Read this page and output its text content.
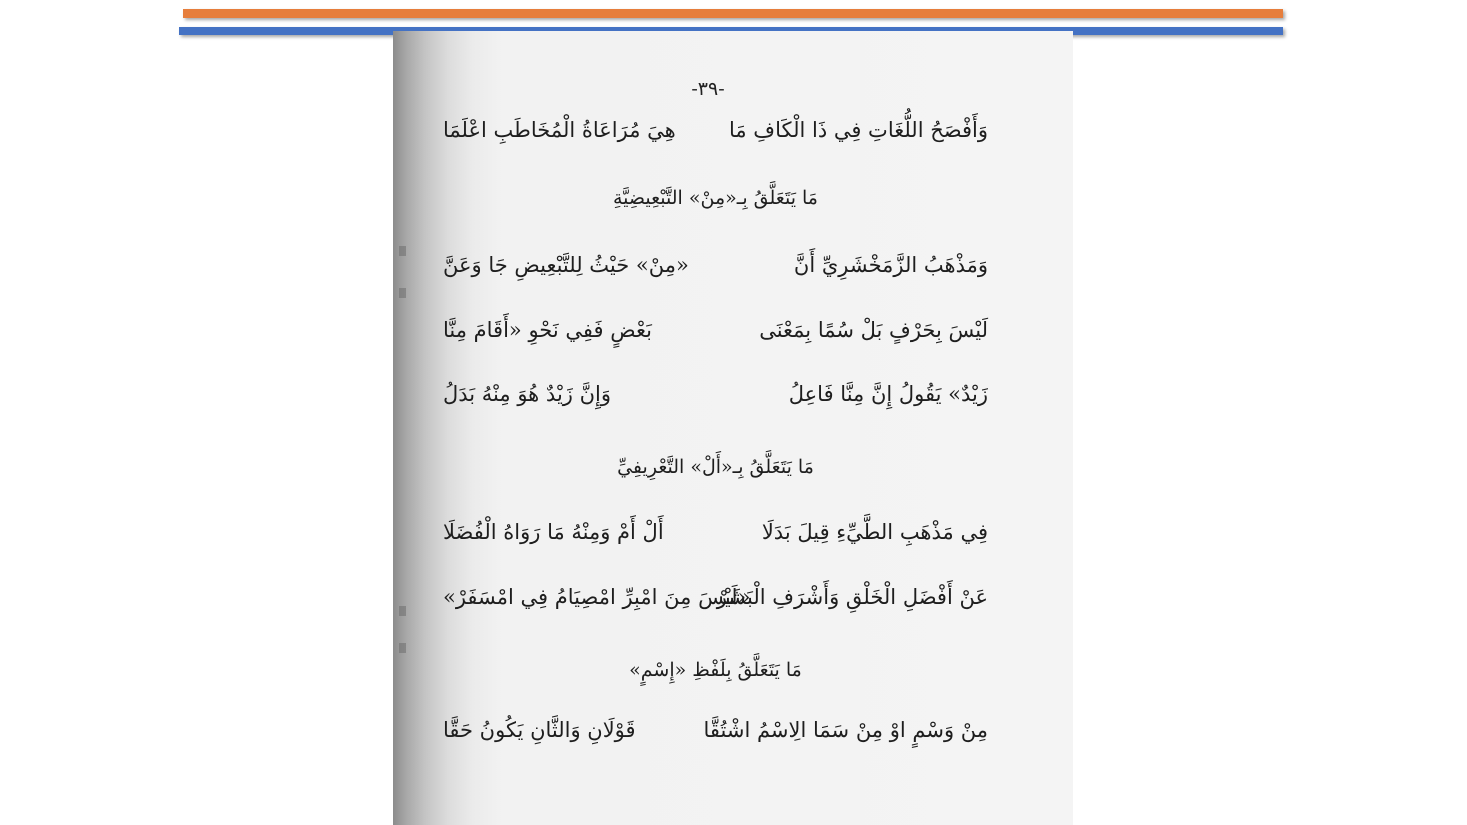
-٣٩-
وَأَفْصَحُ اللُّغَاتِ فِي ذَا الْكَافِ مَا
هِيَ مُرَاعَاةُ الْمُخَاطَبِ اعْلَمَا
مَا يَتَعَلَّقُ بِـ«مِنْ» التَّبْعِيضِيَّةِ
وَمَذْهَبُ الزَّمَخْشَرِيِّ أَنَّ
«مِنْ» حَيْثُ لِلتَّبْعِيضِ جَا وَعَنَّ
لَيْسَ بِحَرْفٍ بَلْ سُمًا بِمَعْنَى
بَعْضٍ فَفِي نَحْوِ «أَقَامَ مِنَّا
زَيْدٌ» يَقُولُ إِنَّ مِنَّا فَاعِلُ
وَإِنَّ زَيْدٌ هُوَ مِنْهُ بَدَلُ
مَا يَتَعَلَّقُ بِـ«أَلْ» التَّعْرِيفِيِّ
فِي مَذْهَبِ الطَّيِّءِ قِيلَ بَدَلَا
أَلْ أَمْ وَمِنْهُ مَا رَوَاهُ الْفُضَلَا
عَنْ أَفْضَلِ الْخَلْقِ وَأَشْرَفِ الْبَشَرْ
«لَيْسَ مِنَ امْبِرِّ امْصِيَامُ فِي امْسَفَرْ»
مَا يَتَعَلَّقُ بِلَفْظِ «إِسْمٍ»
مِنْ وَسْمٍ اوْ مِنْ سَمَا الِاسْمُ اشْتُقَّا
قَوْلَانِ وَالثَّانِ يَكُونُ حَقَّا
